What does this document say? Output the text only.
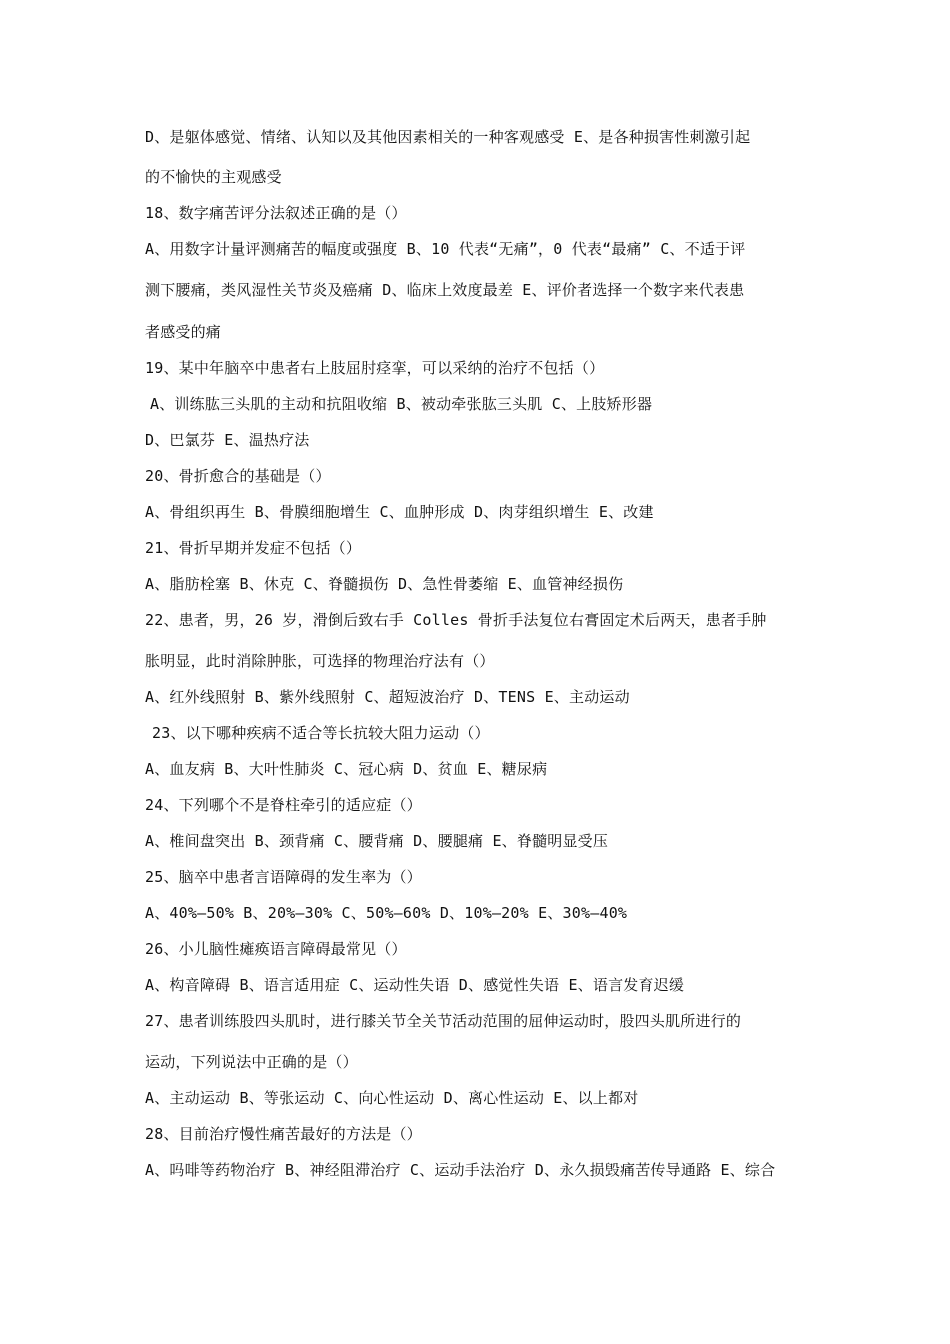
D、是躯体感觉、情绪、认知以及其他因素相关的一种客观感受 E、是各种损害性刺激引起
的不愉快的主观感受
18、数字痛苦评分法叙述正确的是（）
A、用数字计量评测痛苦的幅度或强度 B、10 代表“无痛”，0 代表“最痛” C、不适于评
测下腰痛，类风湿性关节炎及癌痛 D、临床上效度最差 E、评价者选择一个数字来代表患
者感受的痛
19、某中年脑卒中患者右上肢屈肘痉挛，可以采纳的治疗不包括（）
A、训练肱三头肌的主动和抗阻收缩 B、被动牵张肱三头肌 C、上肢矫形器
D、巴氯芬 E、温热疗法
20、骨折愈合的基础是（）
A、骨组织再生 B、骨膜细胞增生 C、血肿形成 D、肉芽组织增生 E、改建
21、骨折早期并发症不包括（）
A、脂肪栓塞 B、休克 C、脊髓损伤 D、急性骨萎缩 E、血管神经损伤
22、患者，男，26 岁，滑倒后致右手 Colles 骨折手法复位右膏固定术后两天，患者手肿
胀明显，此时消除肿胀，可选择的物理治疗法有（）
A、红外线照射 B、紫外线照射 C、超短波治疗 D、TENS E、主动运动
23、以下哪种疾病不适合等长抗较大阻力运动（）
A、血友病 B、大叶性肺炎 C、冠心病 D、贫血 E、糖尿病
24、下列哪个不是脊柱牵引的适应症（）
A、椎间盘突出 B、颈背痛 C、腰背痛 D、腰腿痛 E、脊髓明显受压
25、脑卒中患者言语障碍的发生率为（）
A、40%—50% B、20%—30% C、50%—60% D、10%—20% E、30%—40%
26、小儿脑性瘫痪语言障碍最常见（）
A、构音障碍 B、语言适用症 C、运动性失语 D、感觉性失语 E、语言发育迟缓
27、患者训练股四头肌时，进行膝关节全关节活动范围的屈伸运动时，股四头肌所进行的
运动，下列说法中正确的是（）
A、主动运动 B、等张运动 C、向心性运动 D、离心性运动 E、以上都对
28、目前治疗慢性痛苦最好的方法是（）
A、吗啡等药物治疗 B、神经阻滞治疗 C、运动手法治疗 D、永久损毁痛苦传导通路 E、综合
